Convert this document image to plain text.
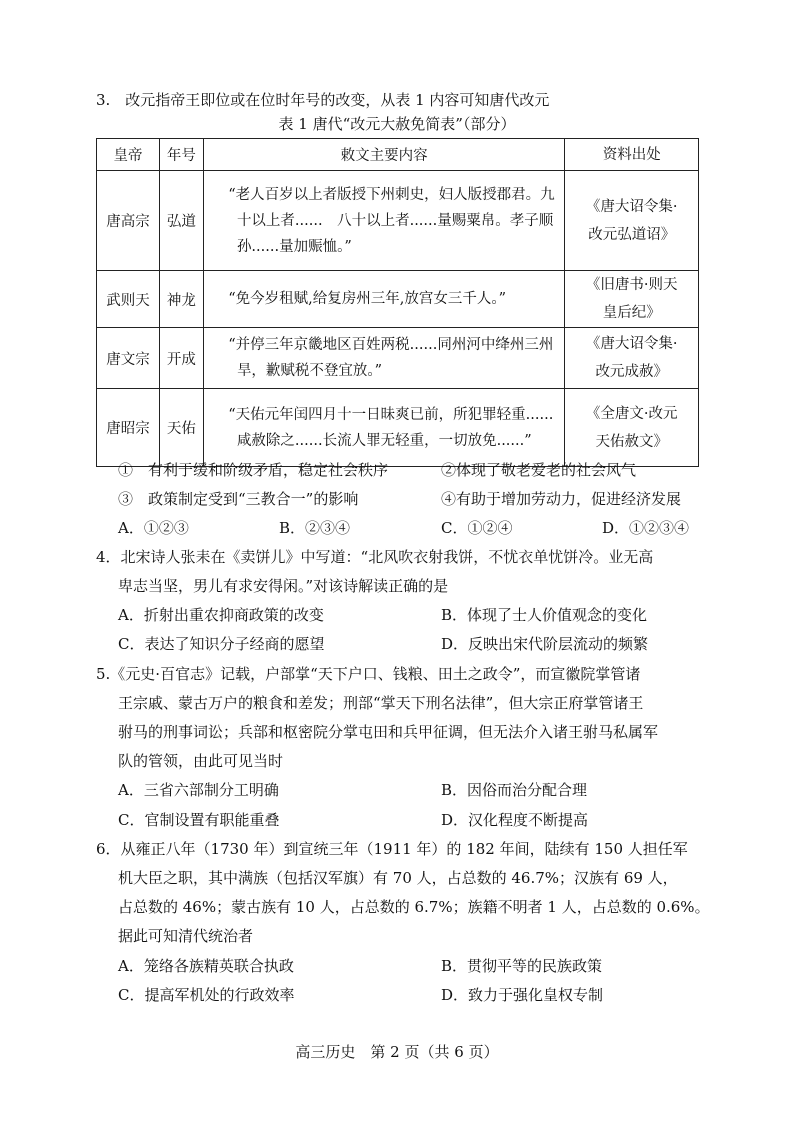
3.　改元指帝王即位或在位时年号的改变，从表 1 内容可知唐代改元
表 1 唐代“改元大赦免简表”（部分）
皇帝	年号	敕文主要内容	资料出处
唐高宗	弘道	“老人百岁以上者版授下州刺史，妇人版授郡君。九十以上者......　八十以上者......量赐粟帛。孝子顺孙......量加赈恤。”	《唐大诏令集·
改元弘道诏》

武则天	神龙	“免今岁租赋,给复房州三年,放宫女三千人。”	《旧唐书·则天
皇后纪》

唐文宗	开成	“并停三年京畿地区百姓两税......同州河中绛州三州旱，歉赋税不登宜放。”	《唐大诏令集·
改元成赦》

唐昭宗	天佑	“天佑元年闰四月十一日昧爽已前，所犯罪轻重......咸赦除之......长流人罪无轻重，一切放免......”	《全唐文·改元
天佑赦文》
①　有利于缓和阶级矛盾，稳定社会秩序	②体现了敬老爱老的社会风气
③　政策制定受到“三教合一”的影响	④有助于增加劳动力，促进经济发展
A．①②③	B．②③④	C．①②④	D．①②③④
4．北宋诗人张耒在《卖饼儿》中写道：“北风吹衣射我饼，不忧衣单忧饼冷。业无高
卑志当坚，男儿有求安得闲。”对该诗解读正确的是
A．折射出重农抑商政策的改变	B．体现了士人价值观念的变化
C．表达了知识分子经商的愿望	D．反映出宋代阶层流动的频繁
5.《元史·百官志》记载，户部掌“天下户口、钱粮、田土之政令”，而宣徽院掌管诸
王宗戚、蒙古万户的粮食和差发；刑部“掌天下刑名法律”，但大宗正府掌管诸王
驸马的刑事词讼；兵部和枢密院分掌屯田和兵甲征调，但无法介入诸王驸马私属军
队的管领，由此可见当时
A．三省六部制分工明确	B．因俗而治分配合理
C．官制设置有职能重叠	D．汉化程度不断提高
6．从雍正八年（1730 年）到宣统三年（1911 年）的 182 年间，陆续有 150 人担任军
机大臣之职，其中满族（包括汉军旗）有 70 人，占总数的 46.7%；汉族有 69 人，
占总数的 46%；蒙古族有 10 人，占总数的 6.7%；族籍不明者 1 人，占总数的 0.6%。
据此可知清代统治者
A．笼络各族精英联合执政	B．贯彻平等的民族政策
C．提高军机处的行政效率	D．致力于强化皇权专制
高三历史　第 2 页（共 6 页）
